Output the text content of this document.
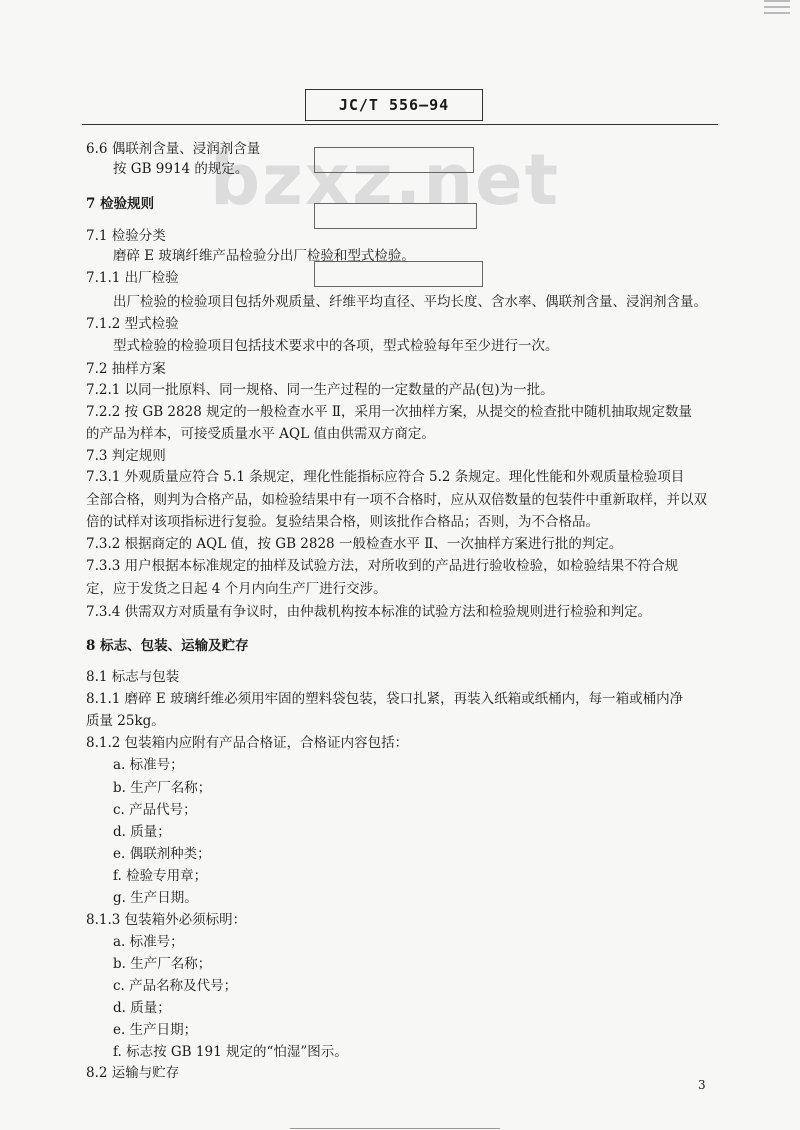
JC/T 556—94
bzxz.net
6.6 偶联剂含量、浸润剂含量
按 GB 9914 的规定。
7 检验规则
7.1 检验分类
磨碎 E 玻璃纤维产品检验分出厂检验和型式检验。
7.1.1 出厂检验
出厂检验的检验项目包括外观质量、纤维平均直径、平均长度、含水率、偶联剂含量、浸润剂含量。
7.1.2 型式检验
型式检验的检验项目包括技术要求中的各项，型式检验每年至少进行一次。
7.2 抽样方案
7.2.1 以同一批原料、同一规格、同一生产过程的一定数量的产品(包)为一批。
7.2.2 按 GB 2828 规定的一般检查水平 Ⅱ，采用一次抽样方案，从提交的检查批中随机抽取规定数量
的产品为样本，可接受质量水平 AQL 值由供需双方商定。
7.3 判定规则
7.3.1 外观质量应符合 5.1 条规定，理化性能指标应符合 5.2 条规定。理化性能和外观质量检验项目
全部合格，则判为合格产品，如检验结果中有一项不合格时，应从双倍数量的包装件中重新取样，并以双
倍的试样对该项指标进行复验。复验结果合格，则该批作合格品；否则，为不合格品。
7.3.2 根据商定的 AQL 值，按 GB 2828 一般检查水平 Ⅱ、一次抽样方案进行批的判定。
7.3.3 用户根据本标准规定的抽样及试验方法，对所收到的产品进行验收检验，如检验结果不符合规
定，应于发货之日起 4 个月内向生产厂进行交涉。
7.3.4 供需双方对质量有争议时，由仲裁机构按本标准的试验方法和检验规则进行检验和判定。
8 标志、包装、运输及贮存
8.1 标志与包装
8.1.1 磨碎 E 玻璃纤维必须用牢固的塑料袋包装，袋口扎紧，再装入纸箱或纸桶内，每一箱或桶内净
质量 25kg。
8.1.2 包装箱内应附有产品合格证，合格证内容包括：
a. 标准号；
b. 生产厂名称；
c. 产品代号；
d. 质量；
e. 偶联剂种类；
f. 检验专用章；
g. 生产日期。
8.1.3 包装箱外必须标明：
a. 标准号；
b. 生产厂名称；
c. 产品名称及代号；
d. 质量；
e. 生产日期；
f. 标志按 GB 191 规定的“怕湿”图示。
8.2 运输与贮存
3
